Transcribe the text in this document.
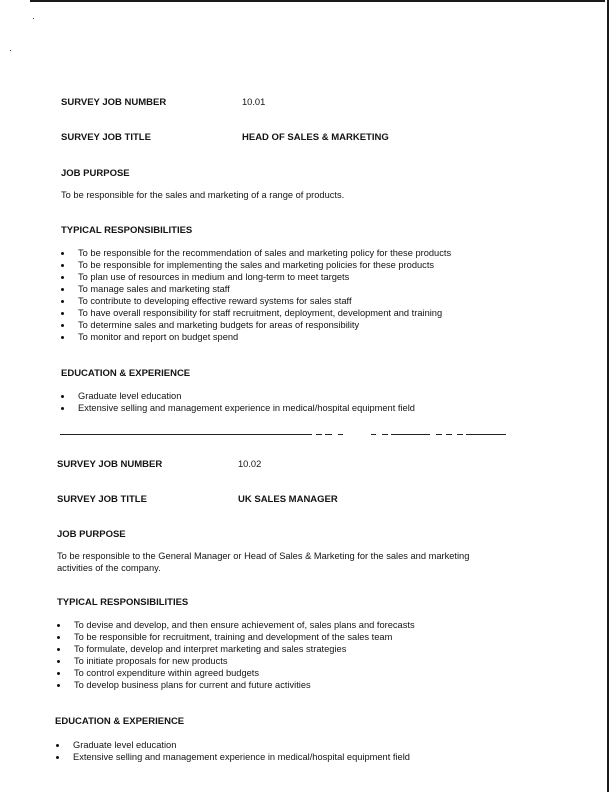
SURVEY JOB NUMBER	10.01
SURVEY JOB TITLE	HEAD OF SALES & MARKETING
JOB PURPOSE
To be responsible for the sales and marketing of a range of products.
TYPICAL RESPONSIBILITIES
To be responsible for the recommendation of sales and marketing policy for these products
To be responsible for implementing the sales and marketing policies for these products
To plan use of resources in medium and long-term to meet targets
To manage sales and marketing staff
To contribute to developing effective reward systems for sales staff
To have overall responsibility for staff recruitment, deployment, development and training
To determine sales and marketing budgets for areas of responsibility
To monitor and report on budget spend
EDUCATION & EXPERIENCE
Graduate level education
Extensive selling and management experience in medical/hospital equipment field
SURVEY JOB NUMBER	10.02
SURVEY JOB TITLE	UK SALES MANAGER
JOB PURPOSE
To be responsible to the General Manager or Head of Sales & Marketing for the sales and marketing
activities of the company.
TYPICAL RESPONSIBILITIES
To devise and develop, and then ensure achievement of, sales plans and forecasts
To be responsible for recruitment, training and development of the sales team
To formulate, develop and interpret marketing and sales strategies
To initiate proposals for new products
To control expenditure within agreed budgets
To develop business plans for current and future activities
EDUCATION & EXPERIENCE
Graduate level education
Extensive selling and management experience in medical/hospital equipment field
